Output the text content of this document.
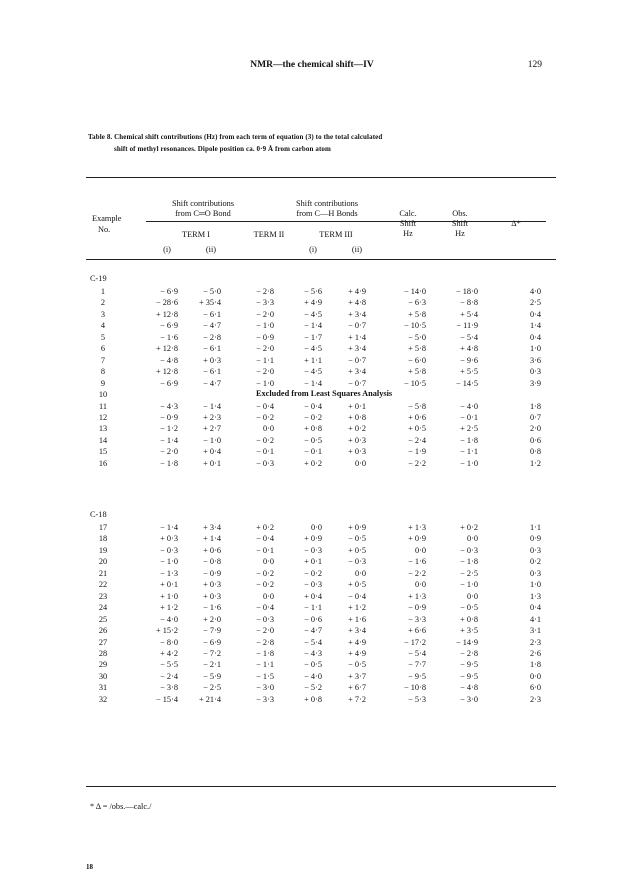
NMR—the chemical shift—IV	129
Table 8. Chemical shift contributions (Hz) from each term of equation (3) to the total calculated
shift of methyl resonances. Dipole position ca. 0·9 Å from carbon atom
Example
No.
Shift contributions
from C═O Bond
Shift contributions
from C—H Bonds	Calc.
Shift
Hz
Obs.
Shift
Hz
Δ*
TERM I	TERM II	TERM III
(i)	(ii)	(i)	(ii)
C-19
1	− 6·9	− 5·0	− 2·8	− 5·6	+ 4·9	− 14·0	− 18·0	4·0
2	− 28·6	+ 35·4	− 3·3	+ 4·9	+ 4·8	− 6·3	− 8·8	2·5
3	+ 12·8	− 6·1	− 2·0	− 4·5	+ 3·4	+ 5·8	+ 5·4	0·4
4	− 6·9	− 4·7	− 1·0	− 1·4	− 0·7	− 10·5	− 11·9	1·4
5	− 1·6	− 2·8	− 0·9	− 1·7	+ 1·4	− 5·0	− 5·4	0·4
6	+ 12·8	− 6·1	− 2·0	− 4·5	+ 3·4	+ 5·8	+ 4·8	1·0
7	− 4·8	+ 0·3	− 1·1	+ 1·1	− 0·7	− 6·0	− 9·6	3·6
8	+ 12·8	− 6·1	− 2·0	− 4·5	+ 3·4	+ 5·8	+ 5·5	0·3
9	− 6·9	− 4·7	− 1·0	− 1·4	− 0·7	− 10·5	− 14·5	3·9
10	Excluded from Least Squares Analysis
11	− 4·3	− 1·4	− 0·4	− 0·4	+ 0·1	− 5·8	− 4·0	1·8
12	− 0·9	+ 2·3	− 0·2	− 0·2	+ 0·8	+ 0·6	− 0·1	0·7
13	− 1·2	+ 2·7	0·0	+ 0·8	+ 0·2	+ 0·5	+ 2·5	2·0
14	− 1·4	− 1·0	− 0·2	− 0·5	+ 0·3	− 2·4	− 1·8	0·6
15	− 2·0	+ 0·4	− 0·1	− 0·1	+ 0·3	− 1·9	− 1·1	0·8
16	− 1·8	+ 0·1	− 0·3	+ 0·2	0·0	− 2·2	− 1·0	1·2
C-18
17	− 1·4	+ 3·4	+ 0·2	0·0	+ 0·9	+ 1·3	+ 0·2	1·1
18	+ 0·3	+ 1·4	− 0·4	+ 0·9	− 0·5	+ 0·9	0·0	0·9
19	− 0·3	+ 0·6	− 0·1	− 0·3	+ 0·5	0·0	− 0·3	0·3
20	− 1·0	− 0·8	0·0	+ 0·1	− 0·3	− 1·6	− 1·8	0·2
21	− 1·3	− 0·9	− 0·2	− 0·2	0·0	− 2·2	− 2·5	0·3
22	+ 0·1	+ 0·3	− 0·2	− 0·3	+ 0·5	0·0	− 1·0	1·0
23	+ 1·0	+ 0·3	0·0	+ 0·4	− 0·4	+ 1·3	0·0	1·3
24	+ 1·2	− 1·6	− 0·4	− 1·1	+ 1·2	− 0·9	− 0·5	0·4
25	− 4·0	+ 2·0	− 0·3	− 0·6	+ 1·6	− 3·3	+ 0·8	4·1
26	+ 15·2	− 7·9	− 2·0	− 4·7	+ 3·4	+ 6·6	+ 3·5	3·1
27	− 8·0	− 6·9	− 2·8	− 5·4	+ 4·9	− 17·2	− 14·9	2·3
28	+ 4·2	− 7·2	− 1·8	− 4·3	+ 4·9	− 5·4	− 2·8	2·6
29	− 5·5	− 2·1	− 1·1	− 0·5	− 0·5	− 7·7	− 9·5	1·8
30	− 2·4	− 5·9	− 1·5	− 4·0	+ 3·7	− 9·5	− 9·5	0·0
31	− 3·8	− 2·5	− 3·0	− 5·2	+ 6·7	− 10·8	− 4·8	6·0
32	− 15·4	+ 21·4	− 3·3	+ 0·8	+ 7·2	− 5·3	− 3·0	2·3
* Δ = /obs.—calc./
18
